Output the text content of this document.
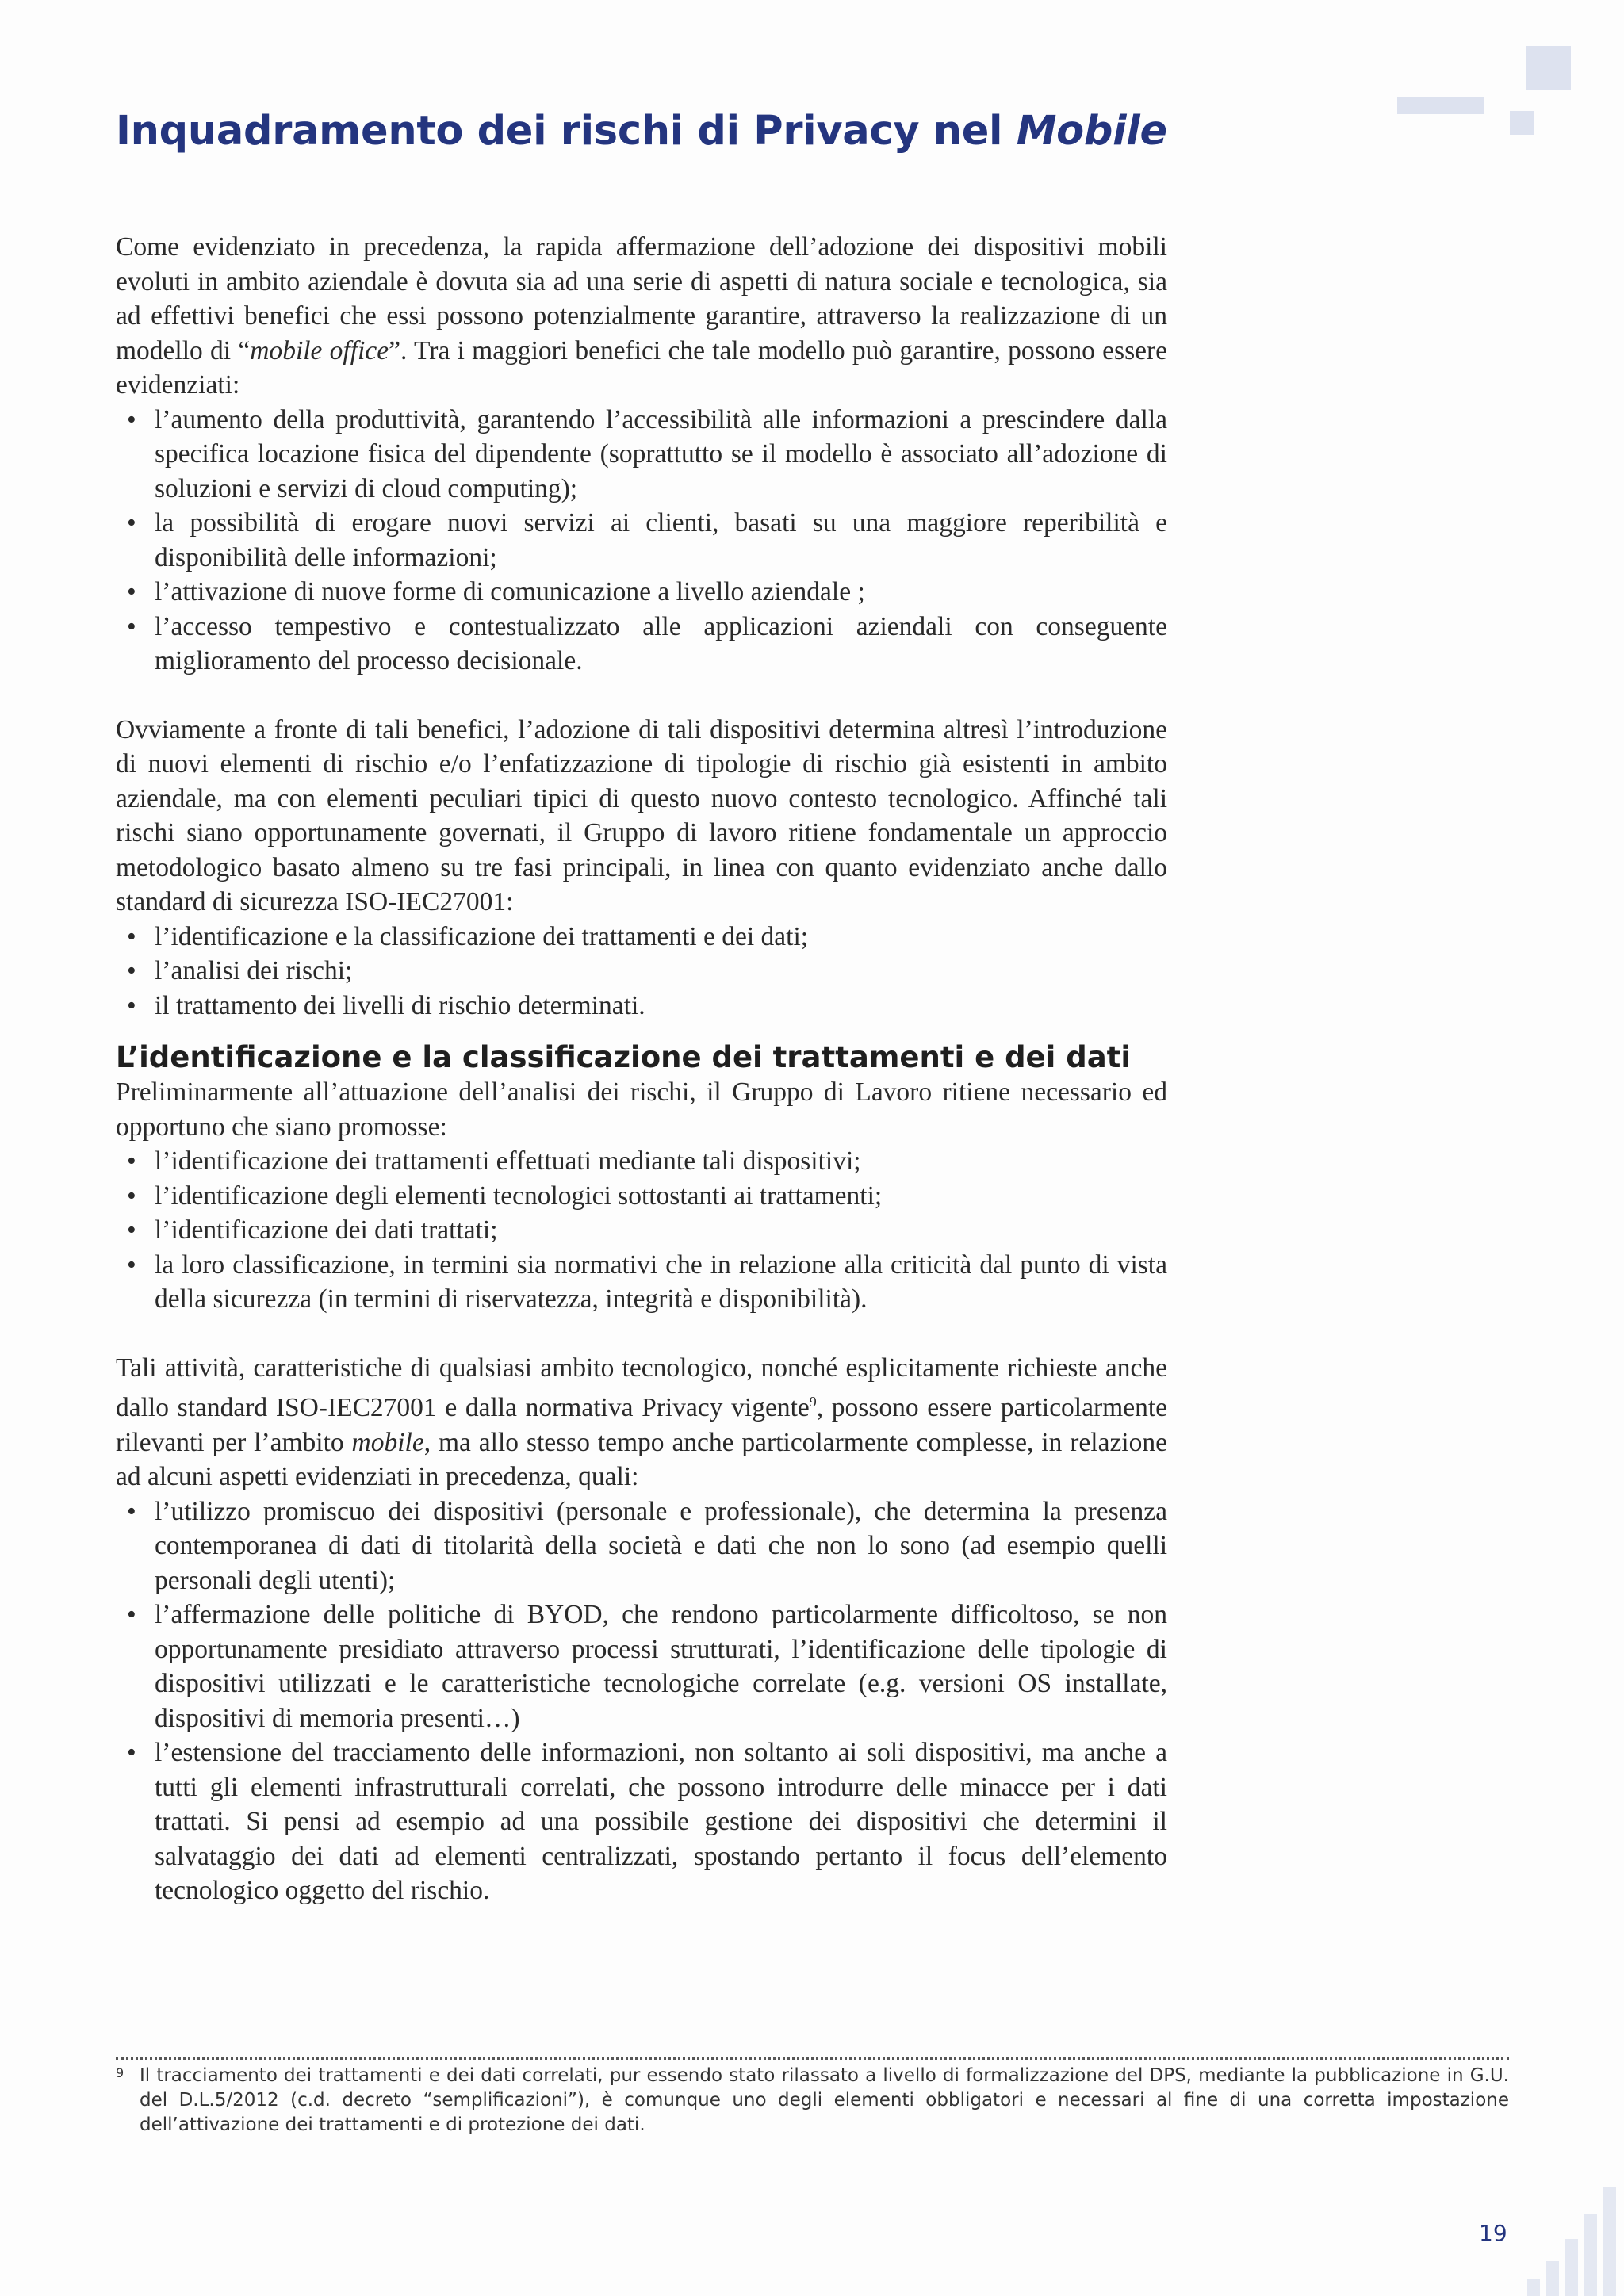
Inquadramento dei rischi di Privacy nel Mobile

Come evidenziato in precedenza, la rapida affermazione dell’adozione dei dispositivi mobili evoluti in ambito aziendale è dovuta sia ad una serie di aspetti di natura sociale e tecnologica, sia ad effettivi benefici che essi possono potenzialmente garantire, attraverso la realizzazione di un modello di “mobile office”. Tra i maggiori benefici che tale modello può garantire, possono essere evidenziati:

• l’aumento della produttività, garantendo l’accessibilità alle informazioni a prescindere dalla specifica locazione fisica del dipendente (soprattutto se il modello è associato all’adozione di soluzioni e servizi di cloud computing);
• la possibilità di erogare nuovi servizi ai clienti, basati su una maggiore reperibilità e disponibilità delle informazioni;
• l’attivazione di nuove forme di comunicazione a livello aziendale ;
• l’accesso tempestivo e contestualizzato alle applicazioni aziendali con conseguente miglioramento del processo decisionale.

Ovviamente a fronte di tali benefici, l’adozione di tali dispositivi determina altresì l’introduzione di nuovi elementi di rischio e/o l’enfatizzazione di tipologie di rischio già esistenti in ambito aziendale, ma con elementi peculiari tipici di questo nuovo contesto tecnologico. Affinché tali rischi siano opportunamente governati, il Gruppo di lavoro ritiene fondamentale un approccio metodologico basato almeno su tre fasi principali, in linea con quanto evidenziato anche dallo standard di sicurezza ISO-IEC27001:

• l’identificazione e la classificazione dei trattamenti e dei dati;
• l’analisi dei rischi;
• il trattamento dei livelli di rischio determinati.
L’identificazione e la classificazione dei trattamenti e dei dati

Preliminarmente all’attuazione dell’analisi dei rischi, il Gruppo di Lavoro ritiene necessario ed opportuno che siano promosse:

• l’identificazione dei trattamenti effettuati mediante tali dispositivi;
• l’identificazione degli elementi tecnologici sottostanti ai trattamenti;
• l’identificazione dei dati trattati;
• la loro classificazione, in termini sia normativi che in relazione alla criticità dal punto di vista della sicurezza (in termini di riservatezza, integrità e disponibilità).

Tali attività, caratteristiche di qualsiasi ambito tecnologico, nonché esplicitamente richieste anche dallo standard ISO-IEC27001 e dalla normativa Privacy vigente$^9$, possono essere particolarmente rilevanti per l’ambito mobile, ma allo stesso tempo anche particolarmente complesse, in relazione ad alcuni aspetti evidenziati in precedenza, quali:

• l’utilizzo promiscuo dei dispositivi (personale e professionale), che determina la presenza contemporanea di dati di titolarità della società e dati che non lo sono (ad esempio quelli personali degli utenti);
• l’affermazione delle politiche di BYOD, che rendono particolarmente difficoltoso, se non opportunamente presidiato attraverso processi strutturati, l’identificazione delle tipologie di dispositivi utilizzati e le caratteristiche tecnologiche correlate (e.g. versioni OS installate, dispositivi di memoria presenti…)
• l’estensione del tracciamento delle informazioni, non soltanto ai soli dispositivi, ma anche a tutti gli elementi infrastrutturali correlati, che possono introdurre delle minacce per i dati trattati. Si pensi ad esempio ad una possibile gestione dei dispositivi che determini il salvataggio dei dati ad elementi centralizzati, spostando pertanto il focus dell’elemento tecnologico oggetto del rischio.
9 Il tracciamento dei trattamenti e dei dati correlati, pur essendo stato rilassato a livello di formalizzazione del DPS, mediante la pubblicazione in G.U. del D.L.5/2012 (c.d. decreto “semplificazioni”), è comunque uno degli elementi obbligatori e necessari al fine di una corretta impostazione dell’attivazione dei trattamenti e di protezione dei dati.
19
